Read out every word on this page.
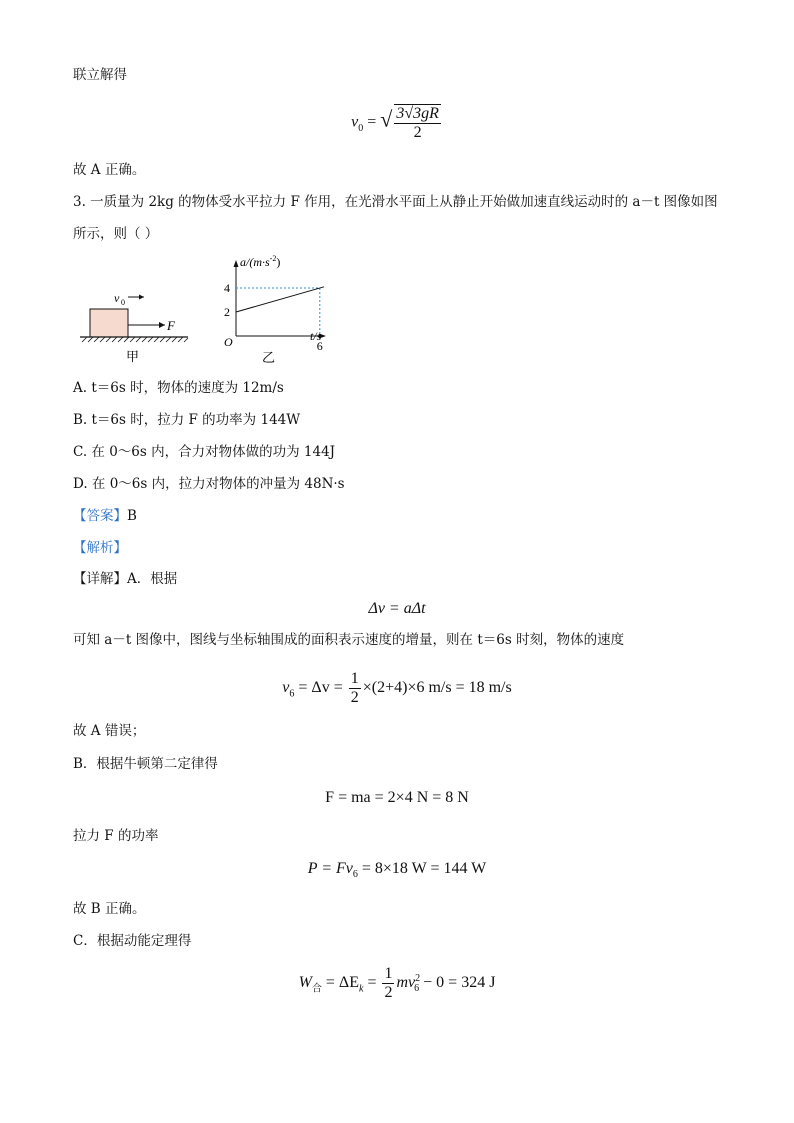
联立解得
$v_0$ = √ $\frac{3√3gR}{2}$
故 A 正确。
3. 一质量为 2kg 的物体受水平拉力 F 作用，在光滑水平面上从静止开始做加速直线运动时的 a－t 图像如图
所示，则（ ）
v 0
F
甲
$a/(m\cdot s^{-2})$
t/s
O
4
2
6
乙
A. t＝6s 时，物体的速度为 12m/s
B. t＝6s 时，拉力 F 的功率为 144W
C. 在 0～6s 内，合力对物体做的功为 144J
D. 在 0～6s 内，拉力对物体的冲量为 48N·s
【答案】B
【解析】
【详解】A．根据
Δv = aΔt
可知 a－t 图像中，图线与坐标轴围成的面积表示速度的增量，则在 t＝6s 时刻，物体的速度
$v_6 = \Delta v = \frac{1}{2} \times(2+4)\times 6$ m/s = 18 m/s
故 A 错误；
B．根据牛顿第二定律得
F = ma = 2×4 N = 8 N
拉力 F 的功率
$P = Fv_6 = 8\times 18$ W = 144 W
故 B 正确。
C．根据动能定理得
$W_合 = \Delta E_k = \frac{1}{2} mv^2_6 - 0 = 324$ J
